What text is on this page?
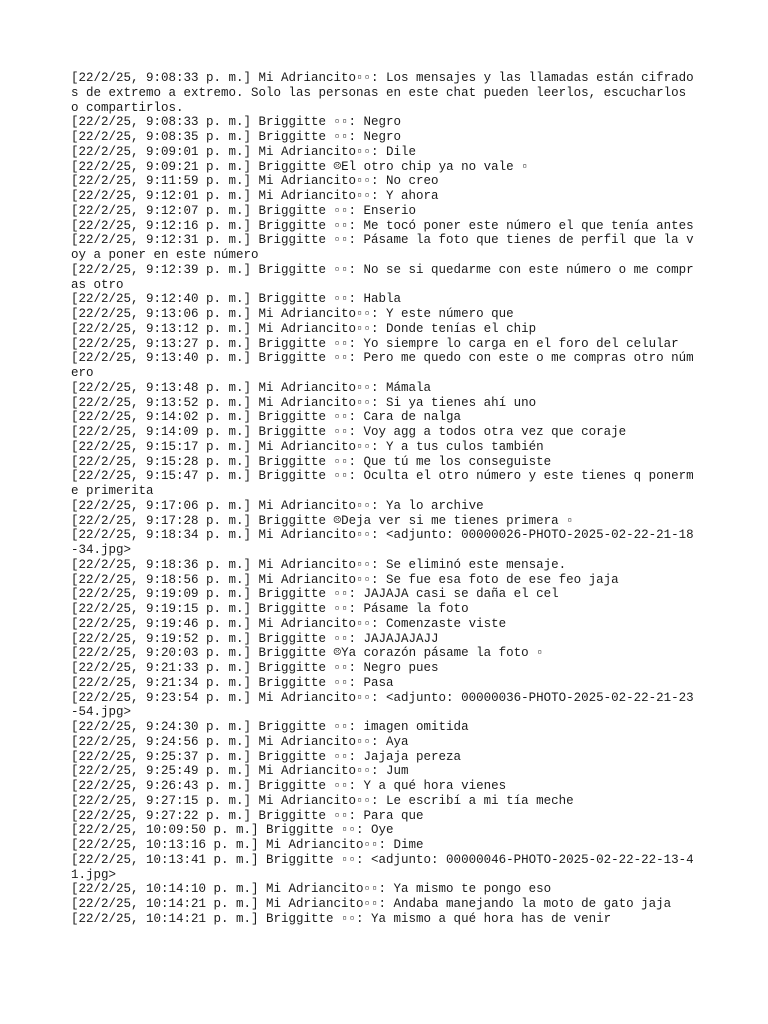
[22/2/25, 9:08:33 p. m.] Mi Adriancito▫▫: Los mensajes y las llamadas están cifrados de extremo a extremo. Solo las personas en este chat pueden leerlos, escucharlos o compartirlos.
[22/2/25, 9:08:33 p. m.] Briggitte ▫▫: Negro
[22/2/25, 9:08:35 p. m.] Briggitte ▫▫: Negro
[22/2/25, 9:09:01 p. m.] Mi Adriancito▫▫: Dile
[22/2/25, 9:09:21 p. m.] Briggitte ☹El otro chip ya no vale ▫
[22/2/25, 9:11:59 p. m.] Mi Adriancito▫▫: No creo
[22/2/25, 9:12:01 p. m.] Mi Adriancito▫▫: Y ahora
[22/2/25, 9:12:07 p. m.] Briggitte ▫▫: Enserio
[22/2/25, 9:12:16 p. m.] Briggitte ▫▫: Me tocó poner este número el que tenía antes
[22/2/25, 9:12:31 p. m.] Briggitte ▫▫: Pásame la foto que tienes de perfil que la voy a poner en este número
[22/2/25, 9:12:39 p. m.] Briggitte ▫▫: No se si quedarme con este número o me compras otro
[22/2/25, 9:12:40 p. m.] Briggitte ▫▫: Habla
[22/2/25, 9:13:06 p. m.] Mi Adriancito▫▫: Y este número que
[22/2/25, 9:13:12 p. m.] Mi Adriancito▫▫: Donde tenías el chip
[22/2/25, 9:13:27 p. m.] Briggitte ▫▫: Yo siempre lo carga en el foro del celular
[22/2/25, 9:13:40 p. m.] Briggitte ▫▫: Pero me quedo con este o me compras otro número
[22/2/25, 9:13:48 p. m.] Mi Adriancito▫▫: Mámala
[22/2/25, 9:13:52 p. m.] Mi Adriancito▫▫: Si ya tienes ahí uno
[22/2/25, 9:14:02 p. m.] Briggitte ▫▫: Cara de nalga
[22/2/25, 9:14:09 p. m.] Briggitte ▫▫: Voy agg a todos otra vez que coraje
[22/2/25, 9:15:17 p. m.] Mi Adriancito▫▫: Y a tus culos también
[22/2/25, 9:15:28 p. m.] Briggitte ▫▫: Que tú me los conseguiste
[22/2/25, 9:15:47 p. m.] Briggitte ▫▫: Oculta el otro número y este tienes q ponerme primerita
[22/2/25, 9:17:06 p. m.] Mi Adriancito▫▫: Ya lo archive
[22/2/25, 9:17:28 p. m.] Briggitte ☹Deja ver si me tienes primera ▫
[22/2/25, 9:18:34 p. m.] Mi Adriancito▫▫: <adjunto: 00000026-PHOTO-2025-02-22-21-18-34.jpg>
[22/2/25, 9:18:36 p. m.] Mi Adriancito▫▫: Se eliminó este mensaje.
[22/2/25, 9:18:56 p. m.] Mi Adriancito▫▫: Se fue esa foto de ese feo jaja
[22/2/25, 9:19:09 p. m.] Briggitte ▫▫: JAJAJA casi se daña el cel
[22/2/25, 9:19:15 p. m.] Briggitte ▫▫: Pásame la foto
[22/2/25, 9:19:46 p. m.] Mi Adriancito▫▫: Comenzaste viste
[22/2/25, 9:19:52 p. m.] Briggitte ▫▫: JAJAJAJAJJ
[22/2/25, 9:20:03 p. m.] Briggitte ☹Ya corazón pásame la foto ▫
[22/2/25, 9:21:33 p. m.] Briggitte ▫▫: Negro pues
[22/2/25, 9:21:34 p. m.] Briggitte ▫▫: Pasa
[22/2/25, 9:23:54 p. m.] Mi Adriancito▫▫: <adjunto: 00000036-PHOTO-2025-02-22-21-23-54.jpg>
[22/2/25, 9:24:30 p. m.] Briggitte ▫▫: imagen omitida
[22/2/25, 9:24:56 p. m.] Mi Adriancito▫▫: Aya
[22/2/25, 9:25:37 p. m.] Briggitte ▫▫: Jajaja pereza
[22/2/25, 9:25:49 p. m.] Mi Adriancito▫▫: Jum
[22/2/25, 9:26:43 p. m.] Briggitte ▫▫: Y a qué hora vienes
[22/2/25, 9:27:15 p. m.] Mi Adriancito▫▫: Le escribí a mi tía meche
[22/2/25, 9:27:22 p. m.] Briggitte ▫▫: Para que
[22/2/25, 10:09:50 p. m.] Briggitte ▫▫: Oye
[22/2/25, 10:13:16 p. m.] Mi Adriancito▫▫: Dime
[22/2/25, 10:13:41 p. m.] Briggitte ▫▫: <adjunto: 00000046-PHOTO-2025-02-22-22-13-41.jpg>
[22/2/25, 10:14:10 p. m.] Mi Adriancito▫▫: Ya mismo te pongo eso
[22/2/25, 10:14:21 p. m.] Mi Adriancito▫▫: Andaba manejando la moto de gato jaja
[22/2/25, 10:14:21 p. m.] Briggitte ▫▫: Ya mismo a qué hora has de venir
